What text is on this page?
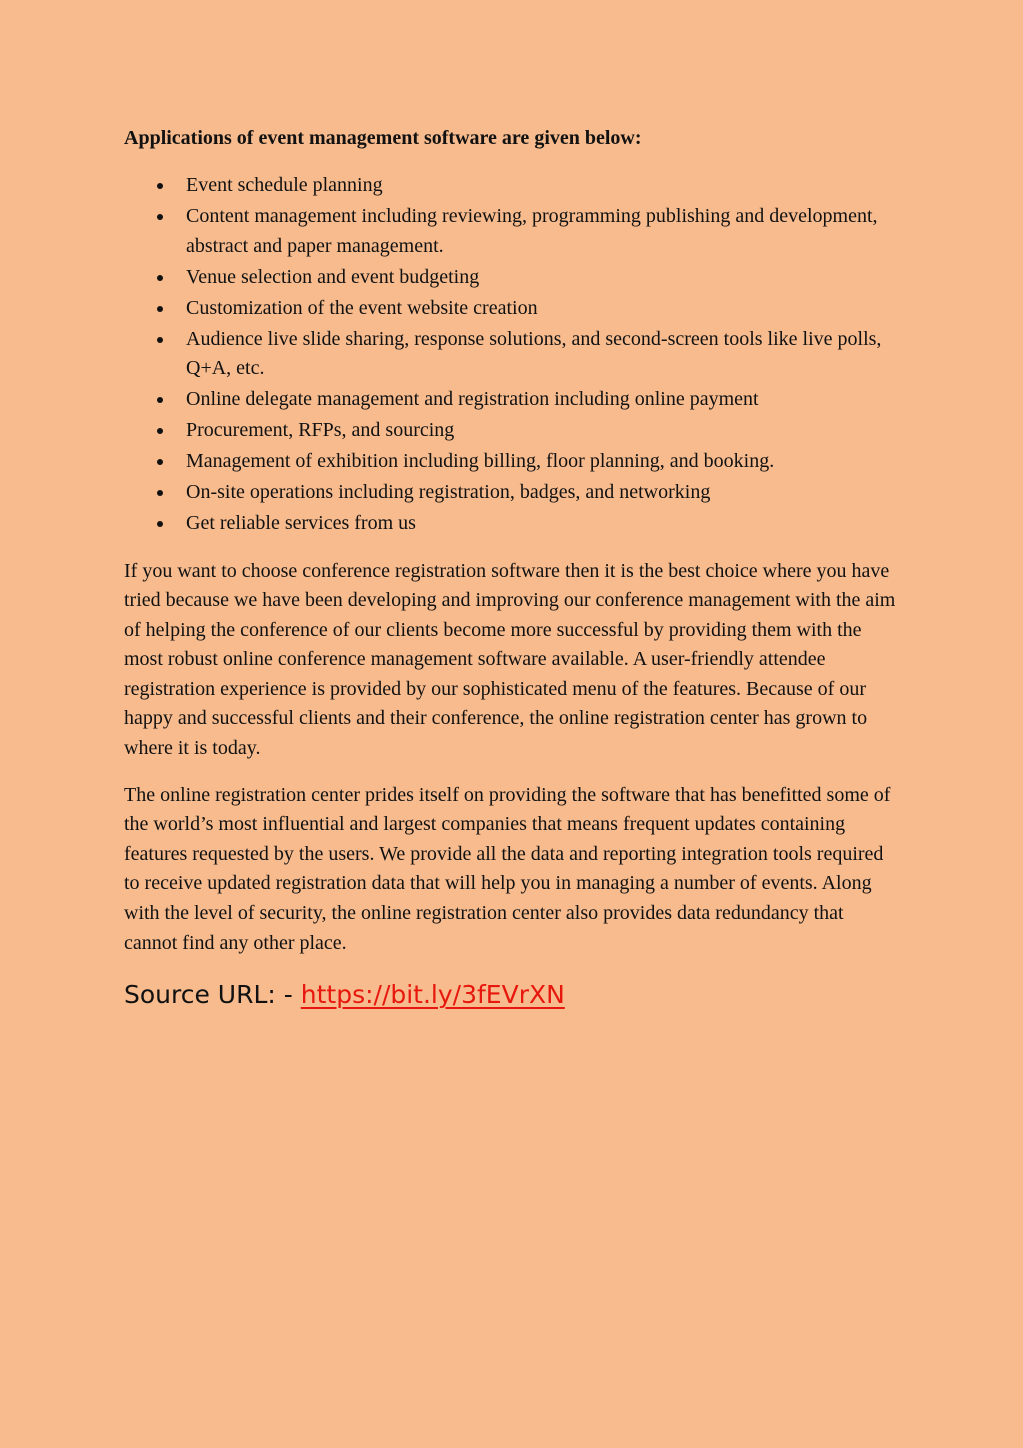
Applications of event management software are given below:

Event schedule planning
Content management including reviewing, programming publishing and development, abstract and paper management.
Venue selection and event budgeting
Customization of the event website creation
Audience live slide sharing, response solutions, and second-screen tools like live polls, Q+A, etc.
Online delegate management and registration including online payment
Procurement, RFPs, and sourcing
Management of exhibition including billing, floor planning, and booking.
On-site operations including registration, badges, and networking
Get reliable services from us

If you want to choose conference registration software then it is the best choice where you have tried because we have been developing and improving our conference management with the aim of helping the conference of our clients become more successful by providing them with the most robust online conference management software available. A user-friendly attendee registration experience is provided by our sophisticated menu of the features. Because of our happy and successful clients and their conference, the online registration center has grown to where it is today.

The online registration center prides itself on providing the software that has benefitted some of the world’s most influential and largest companies that means frequent updates containing features requested by the users. We provide all the data and reporting integration tools required to receive updated registration data that will help you in managing a number of events. Along with the level of security, the online registration center also provides data redundancy that cannot find any other place.

Source URL: - https://bit.ly/3fEVrXN
